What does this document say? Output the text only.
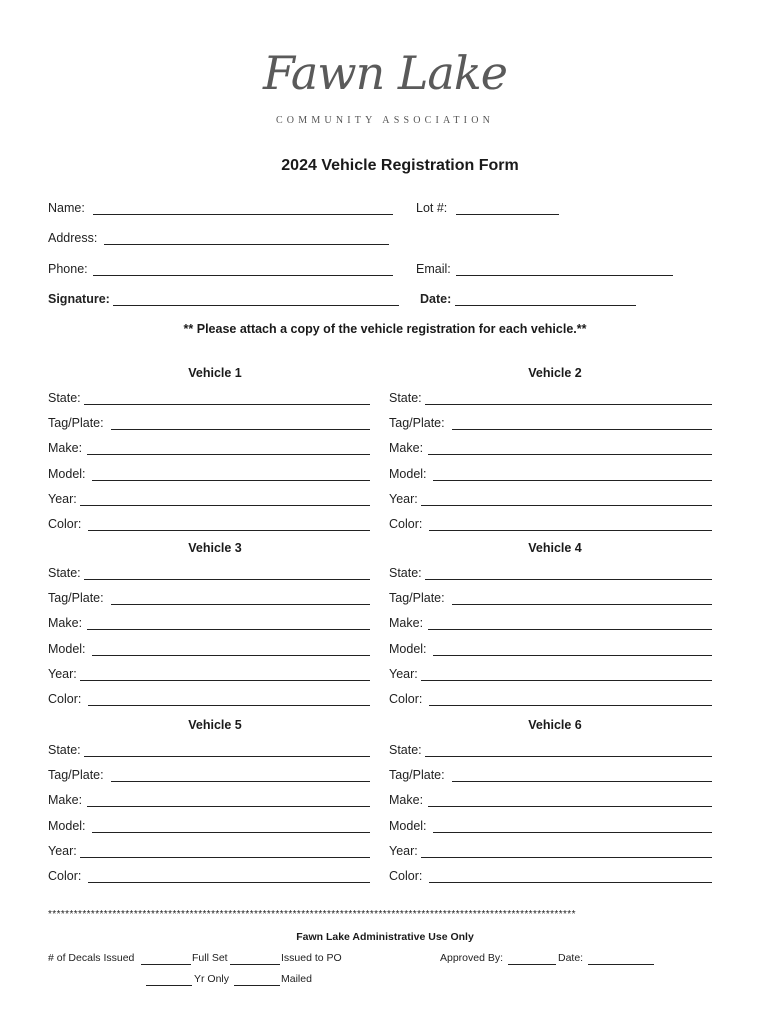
Fawn Lake
COMMUNITY ASSOCIATION
2024 Vehicle Registration Form
Name:	Lot #:
Address:
Phone:	Email:
Signature:	Date:
** Please attach a copy of the vehicle registration for each vehicle.**
Vehicle 1
State:
Tag/Plate:
Make:
Model:
Year:
Color:
Vehicle 2
State:
Tag/Plate:
Make:
Model:
Year:
Color:
Vehicle 3
State:
Tag/Plate:
Make:
Model:
Year:
Color:
Vehicle 4
State:
Tag/Plate:
Make:
Model:
Year:
Color:
Vehicle 5
State:
Tag/Plate:
Make:
Model:
Year:
Color:
Vehicle 6
State:
Tag/Plate:
Make:
Model:
Year:
Color:
***************************************************************************************************************************
Fawn Lake Administrative Use Only
# of Decals Issued	Full Set	Issued to PO	Approved By:	Date:
Yr Only	Mailed
